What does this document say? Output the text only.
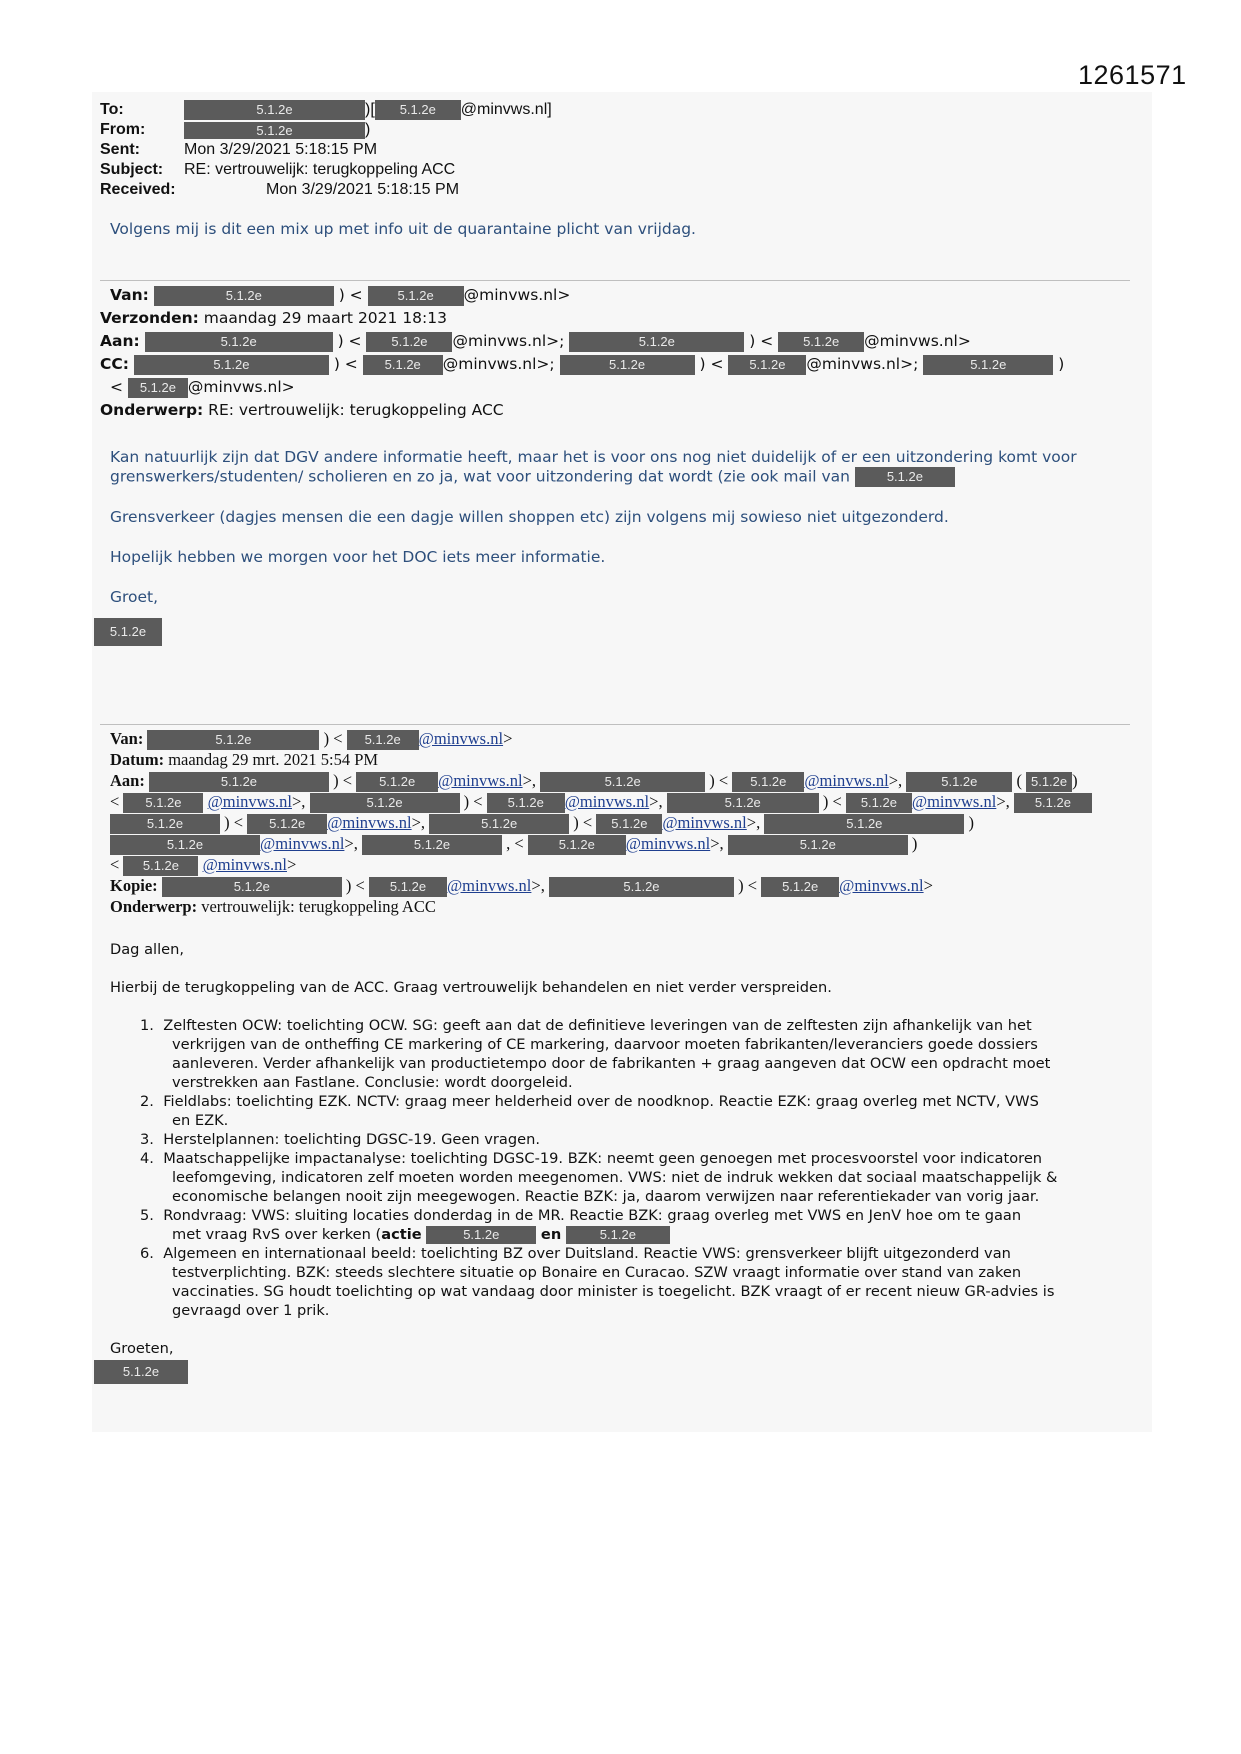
1261571
To:	5.1.2e	)[ 5.1.2e @minvws.nl]
From:	5.1.2e	)
Sent:	Mon 3/29/2021 5:18:15 PM
Subject: RE: vertrouwelijk: terugkoppeling ACC
Received:	Mon 3/29/2021 5:18:15 PM
Volgens mij is dit een mix up met info uit de quarantaine plicht van vrijdag.
Van:	5.1.2e	) < 5.1.2e @minvws.nl>
Verzonden: maandag 29 maart 2021 18:13
Aan:	5.1.2e	) < 5.1.2e @minvws.nl>;	5.1.2e	) < 5.1.2e @minvws.nl>
CC:	5.1.2e	) < 5.1.2e @minvws.nl>;	5.1.2e	) < 5.1.2e @minvws.nl>;	5.1.2e	)
< 5.1.2e @minvws.nl>
Onderwerp: RE: vertrouwelijk: terugkoppeling ACC
Kan natuurlijk zijn dat DGV andere informatie heeft, maar het is voor ons nog niet duidelijk of er een uitzondering komt voor
grenswerkers/studenten/ scholieren en zo ja, wat voor uitzondering dat wordt (zie ook mail van	5.1.2e
Grensverkeer (dagjes mensen die een dagje willen shoppen etc) zijn volgens mij sowieso niet uitgezonderd.
Hopelijk hebben we morgen voor het DOC iets meer informatie.
Groet,
5.1.2e
Van:	5.1.2e	) < 5.1.2e @minvws.nl>
Datum: maandag 29 mrt. 2021 5:54 PM
Aan:	5.1.2e	) < 5.1.2e @minvws.nl>,	5.1.2e	) < 5.1.2e @minvws.nl>,	5.1.2e ( 5.1.2e )
< 5.1.2e @minvws.nl>,	5.1.2e	) < 5.1.2e @minvws.nl>,	5.1.2e	) < 5.1.2e @minvws.nl>, 5.1.2e
5.1.2e ) < 5.1.2e @minvws.nl>,	5.1.2e	) < 5.1.2e @minvws.nl>,	5.1.2e	)
5.1.2e	@minvws.nl>,	5.1.2e	, < 5.1.2e @minvws.nl>,	5.1.2e	)
< 5.1.2e @minvws.nl>
Kopie:	5.1.2e	) < 5.1.2e @minvws.nl>,	5.1.2e	) < 5.1.2e @minvws.nl>
Onderwerp: vertrouwelijk: terugkoppeling ACC
Dag allen,
Hierbij de terugkoppeling van de ACC. Graag vertrouwelijk behandelen en niet verder verspreiden.
1. Zelftesten OCW: toelichting OCW. SG: geeft aan dat de definitieve leveringen van de zelftesten zijn afhankelijk van het
verkrijgen van de ontheffing CE markering of CE markering, daarvoor moeten fabrikanten/leveranciers goede dossiers
aanleveren. Verder afhankelijk van productietempo door de fabrikanten + graag aangeven dat OCW een opdracht moet
verstrekken aan Fastlane. Conclusie: wordt doorgeleid.
2. Fieldlabs: toelichting EZK. NCTV: graag meer helderheid over de noodknop. Reactie EZK: graag overleg met NCTV, VWS
en EZK.
3. Herstelplannen: toelichting DGSC-19. Geen vragen.
4. Maatschappelijke impactanalyse: toelichting DGSC-19. BZK: neemt geen genoegen met procesvoorstel voor indicatoren
leefomgeving, indicatoren zelf moeten worden meegenomen. VWS: niet de indruk wekken dat sociaal maatschappelijk &
economische belangen nooit zijn meegewogen. Reactie BZK: ja, daarom verwijzen naar referentiekader van vorig jaar.
5. Rondvraag: VWS: sluiting locaties donderdag in de MR. Reactie BZK: graag overleg met VWS en JenV hoe om te gaan
met vraag RvS over kerken (actie	5.1.2e	en	5.1.2e
6. Algemeen en internationaal beeld: toelichting BZ over Duitsland. Reactie VWS: grensverkeer blijft uitgezonderd van
testverplichting. BZK: steeds slechtere situatie op Bonaire en Curacao. SZW vraagt informatie over stand van zaken
vaccinaties. SG houdt toelichting op wat vandaag door minister is toegelicht. BZK vraagt of er recent nieuw GR-advies is
gevraagd over 1 prik.
Groeten,
5.1.2e
